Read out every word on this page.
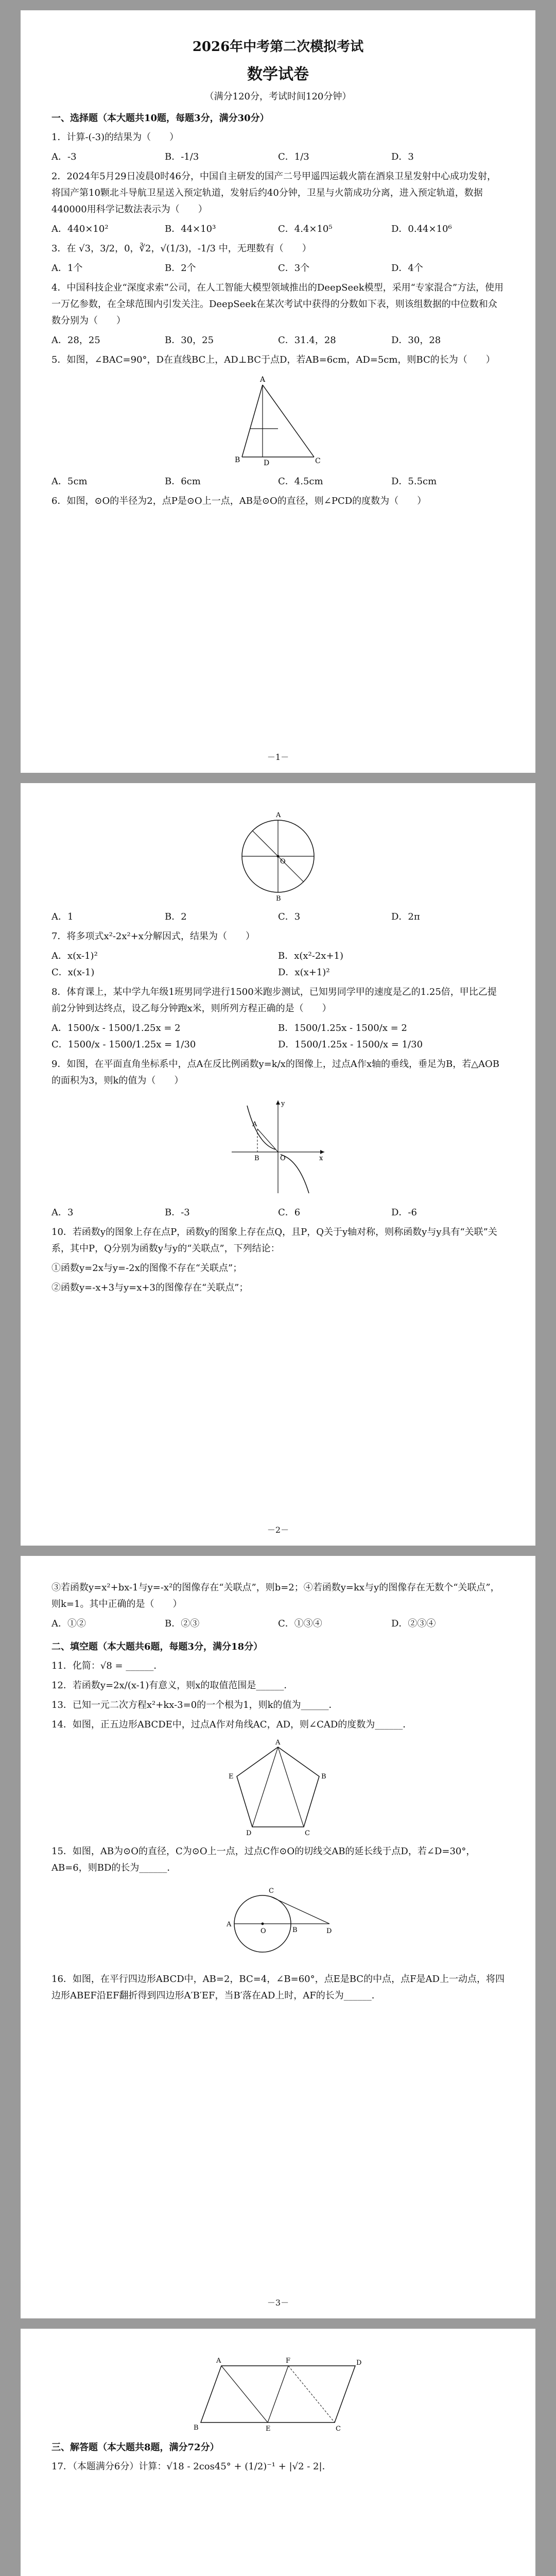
2026年中考第二次模拟考试
数学试卷
（满分120分，考试时间120分钟）
一、选择题（本大题共10题，每题3分，满分30分）
1．计算-(-3)的结果为（　　）
A．-3	B．-1/3	C．1/3	D．3
2．2024年5月29日凌晨0时46分，中国自主研发的国产二号甲遥四运载火箭在酒泉卫星发射中心成功发射，将国产第10颗北斗导航卫星送入预定轨道，发射后约40分钟，卫星与火箭成功分离，进入预定轨道，数据440000用科学记数法表示为（　　）
A．440×10²	B．44×10³	C．4.4×10⁵	D．0.44×10⁶
3．在 √3，3/2，0，∛2，√(1/3)，-1/3 中，无理数有（　　）
A．1个	B．2个	C．3个	D．4个
4．中国科技企业“深度求索”公司，在人工智能大模型领域推出的DeepSeek模型，采用“专家混合”方法，使用一万亿参数，在全球范围内引发关注。DeepSeek在某次考试中获得的分数如下表，则该组数据的中位数和众数分别为（　　）
A．28，25	B．30，25	C．31.4，28	D．30，28
5．如图，∠BAC=90°，D在直线BC上，AD⊥BC于点D，若AB=6cm，AD=5cm，则BC的长为（　　）
A
B	C
D
A．5cm	B．6cm	C．4.5cm	D．5.5cm
6．如图，⊙O的半径为2，点P是⊙O上一点，AB是⊙O的直径，则∠PCD的度数为（　　）
－1－
O
A
B
A．1	B．2	C．3	D．2π
7．将多项式x²-2x²+x分解因式，结果为（　　）
A．x(x-1)²	B．x(x²-2x+1)
C．x(x-1)	D．x(x+1)²
8．体育课上，某中学九年级1班男同学进行1500米跑步测试，已知男同学甲的速度是乙的1.25倍，甲比乙提前2分钟到达终点，设乙每分钟跑x米，则所列方程正确的是（　　）
A．1500/x - 1500/1.25x = 2	B．1500/1.25x - 1500/x = 2
C．1500/x - 1500/1.25x = 1/30	D．1500/1.25x - 1500/x = 1/30
9．如图，在平面直角坐标系中，点A在反比例函数y=k/x的图像上，过点A作x轴的垂线，垂足为B，若△AOB的面积为3，则k的值为（　　）
A
B	O	x
y
A．3	B．-3	C．6	D．-6
10．若函数y的图象上存在点P，函数y的图象上存在点Q，且P，Q关于y轴对称，则称函数y与y具有“关联”关系，其中P，Q分别为函数y与y的“关联点”，下列结论：
①函数y=2x与y=-2x的图像不存在“关联点”；
②函数y=-x+3与y=x+3的图像存在“关联点”；
－2－
③若函数y=x²+bx-1与y=-x²的图像存在“关联点”，则b=2；④若函数y=kx与y的图像存在无数个“关联点”，则k=1。其中正确的是（　　）
A．①②	B．②③	C．①③④	D．②③④
二、填空题（本大题共6题，每题3分，满分18分）
11．化简：√8 = ______．
12．若函数y=2x/(x-1)有意义，则x的取值范围是______．
13．已知一元二次方程x²+kx-3=0的一个根为1，则k的值为______．
14．如图，正五边形ABCDE中，过点A作对角线AC，AD，则∠CAD的度数为______．
A
B
C
D
E
15．如图，AB为⊙O的直径，C为⊙O上一点，过点C作⊙O的切线交AB的延长线于点D，若∠D=30°，AB=6，则BD的长为______．
O
A
B
C
D
16．如图，在平行四边形ABCD中，AB=2，BC=4，∠B=60°，点E是BC的中点，点F是AD上一动点，将四边形ABEF沿EF翻折得到四边形A′B′EF，当B′落在AD上时，AF的长为______．
－3－
A	F	D
B	E	C
三、解答题（本大题共8题，满分72分）
17．（本题满分6分）计算：√18 - 2cos45° + (1/2)⁻¹ + |√2 - 2|．
